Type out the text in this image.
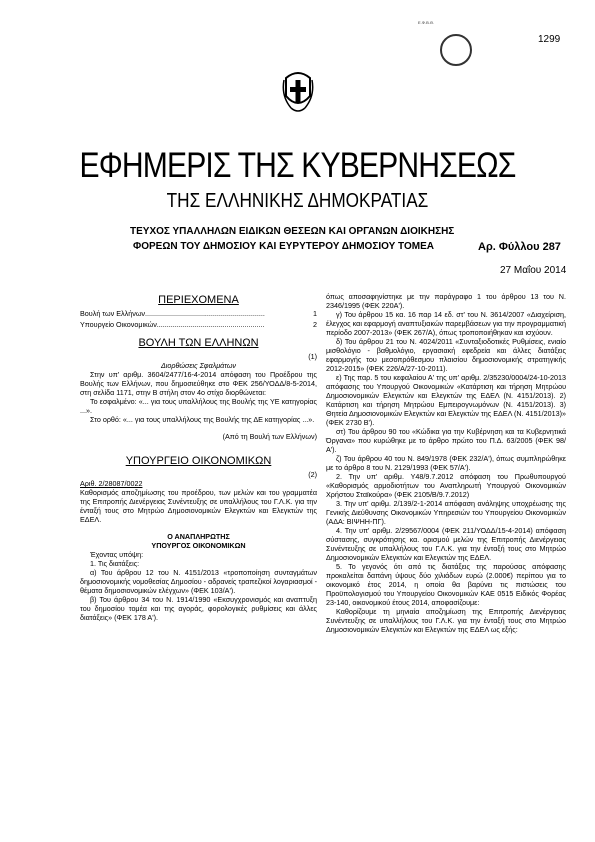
1299
Ε.Φ.Β.Θ.
ΕΦΗΜΕΡΙΣ ΤΗΣ ΚΥΒΕΡΝΗΣΕΩΣ
ΤΗΣ ΕΛΛΗΝΙΚΗΣ ΔΗΜΟΚΡΑΤΙΑΣ
ΤΕΥΧΟΣ ΥΠΑΛΛΗΛΩΝ ΕΙΔΙΚΩΝ ΘΕΣΕΩΝ ΚΑΙ ΟΡΓΑΝΩΝ ΔΙΟΙΚΗΣΗΣ
ΦΟΡΕΩΝ ΤΟΥ ΔΗΜΟΣΙΟΥ ΚΑΙ ΕΥΡΥΤΕΡΟΥ ΔΗΜΟΣΙΟΥ ΤΟΜΕΑ	Αρ. Φύλλου 287
27 Μαΐου 2014
ΠΕΡΙΕΧΟΜΕΝΑ
Βουλή των Ελλήνων............................................................	1
Υπουργείο Οικονομικών......................................................	2
ΒΟΥΛΗ ΤΩΝ ΕΛΛΗΝΩΝ

(1)

Διορθώσεις Σφαλμάτων

Στην υπ' αριθμ. 3604/2477/16-4-2014 απόφαση του Προέδρου της Βουλής των Ελλήνων, που δημοσιεύθηκε στο ΦΕΚ 256/ΥΟΔΔ/8-5-2014, στη σελίδα 1171, στην Β στήλη στον 4ο στίχο διορθώνεται:

Το εσφαλμένο: «... για τους υπαλλήλους της Βουλής της ΥΕ κατηγορίας ...».

Στο ορθό: «... για τους υπαλλήλους της Βουλής της ΔΕ κατηγορίας ...».

(Από τη Βουλή των Ελλήνων)

ΥΠΟΥΡΓΕΙΟ ΟΙΚΟΝΟΜΙΚΩΝ

(2)

Αριθ. 2/28087/0022

Καθορισμός αποζημίωσης του προέδρου, των μελών και του γραμματέα της Επιτροπής Διενέργειας Συνέντευξης σε υπαλλήλους του Γ.Λ.Κ. για την ένταξή τους στο Μητρώο Δημοσιονομικών Ελεγκτών και Ελεγκτών της ΕΔΕΛ.

Ο ΑΝΑΠΛΗΡΩΤΗΣ

ΥΠΟΥΡΓΟΣ ΟΙΚΟΝΟΜΙΚΩΝ

Έχοντας υπόψη:

1. Τις διατάξεις:

α) Του άρθρου 12 του Ν. 4151/2013 «τροποποίηση συνταγμάτων δημοσιονομικής νομοθεσίας Δημοσίου - αδρανείς τραπεζικοί λογαριασμοί - θέματα δημοσιονομικών ελέγχων» (ΦΕΚ 103/Α').

β) Του άρθρου 34 του Ν. 1914/1990 «Εκσυγχρονισμός και αναπτυξη του δημοσίου τομέα και της αγοράς, φορολογικές ρυθμίσεις και άλλες διατάξεις» (ΦΕΚ 178 Α').

όπως αποσαφηνίστηκε με την παράγραφο 1 του άρθρου 13 του Ν. 2346/1995 (ΦΕΚ 220Α').

γ) Του άρθρου 15 κα. 16 παρ 14 εδ. στ' του Ν. 3614/2007 «Διαχείριση, έλεγχος και εφαρμογή αναπτυξιακών παρεμβάσεων για την προγραμματική περίοδο 2007-2013» (ΦΕΚ 267/Α), όπως τροποποιήθηκαν και ισχύουν.

δ) Του άρθρου 21 του Ν. 4024/2011 «Συνταξιοδοτικές Ρυθμίσεις, ενιαίο μισθολόγιο - βαθμολόγιο, εργασιακή εφεδρεία και άλλες διατάξεις εφαρμογής του μεσοπρόθεσμου πλαισίου δημοσιονομικής στρατηγικής 2012-2015» (ΦΕΚ 226/Α/27-10-2011).

ε) Της παρ. 5 του κεφαλαίου Α' της υπ' αριθμ. 2/35230/0004/24-10-2013 απόφασης του Υπουργού Οικονομικών «Κατάρτιση και τήρηση Μητρώου Δημοσιονομικών Ελεγκτών και Ελεγκτών της ΕΔΕΛ (Ν. 4151/2013). 2) Κατάρτιση και τήρηση Μητρώου Εμπειρογνωμόνων (Ν. 4151/2013). 3) Θητεία Δημοσιονομικών Ελεγκτών και Ελεγκτών της ΕΔΕΛ (Ν. 4151/2013)» (ΦΕΚ 2730 Β').

στ) Του άρθρου 90 του «Κώδικα για την Κυβέρνηση και τα Κυβερνητικά Όργανα» που κυρώθηκε με το άρθρο πρώτο του Π.Δ. 63/2005 (ΦΕΚ 98/Α').

ζ) Του άρθρου 40 του Ν. 849/1978 (ΦΕΚ 232/Α'), όπως συμπληρώθηκε με το άρθρο 8 του Ν. 2129/1993 (ΦΕΚ 57/Α').

2. Την υπ' αριθμ. Υ48/9.7.2012 απόφαση του Πρωθυπουργού «Καθορισμός αρμοδιοτήτων του Αναπληρωτή Υπουργού Οικονομικών Χρήστου Σταϊκούρα» (ΦΕΚ 2105/Β/9.7.2012)

3. Την υπ' αριθμ. 2/139/2-1-2014 απόφαση ανάληψης υποχρέωσης της Γενικής Διεύθυνσης Οικονομικών Υπηρεσιών του Υπουργείου Οικονομικών (ΑΔΑ: ΒΙΨΗΗ-ΠΓ).

4. Την υπ' αριθμ. 2/29567/0004 (ΦΕΚ 211/ΥΟΔΔ/15-4-2014) απόφαση σύστασης, συγκρότησης κα. ορισμού μελών της Επιτροπής Διενέργειας Συνέντευξης σε υπαλλήλους του Γ.Λ.Κ. για την ένταξή τους στο Μητρώο Δημοσιονομικών Ελεγκτών και Ελεγκτών της ΕΔΕΛ.

5. Το γεγονός ότι από τις διατάξεις της παρούσας απόφασης προκαλείται δαπάνη ύψους δύο χιλιάδων ευρώ (2.000€) περίπου για το οικονομικό έτος 2014, η οποία θα βαρύνει τις πιστώσεις του Προϋπολογισμού του Υπουργείου Οικονομικών ΚΑΕ 0515 Ειδικός Φορέας 23-140, οικονομικού έτους 2014, αποφασίζουμε:

Καθορίζουμε τη μηνιαία αποζημίωση της Επιτροπής Διενέργειας Συνέντευξης σε υπαλλήλους του Γ.Λ.Κ. για την ένταξή τους στο Μητρώο Δημοσιονομικών Ελεγκτών και Ελεγκτών της ΕΔΕΛ ως εξής:
